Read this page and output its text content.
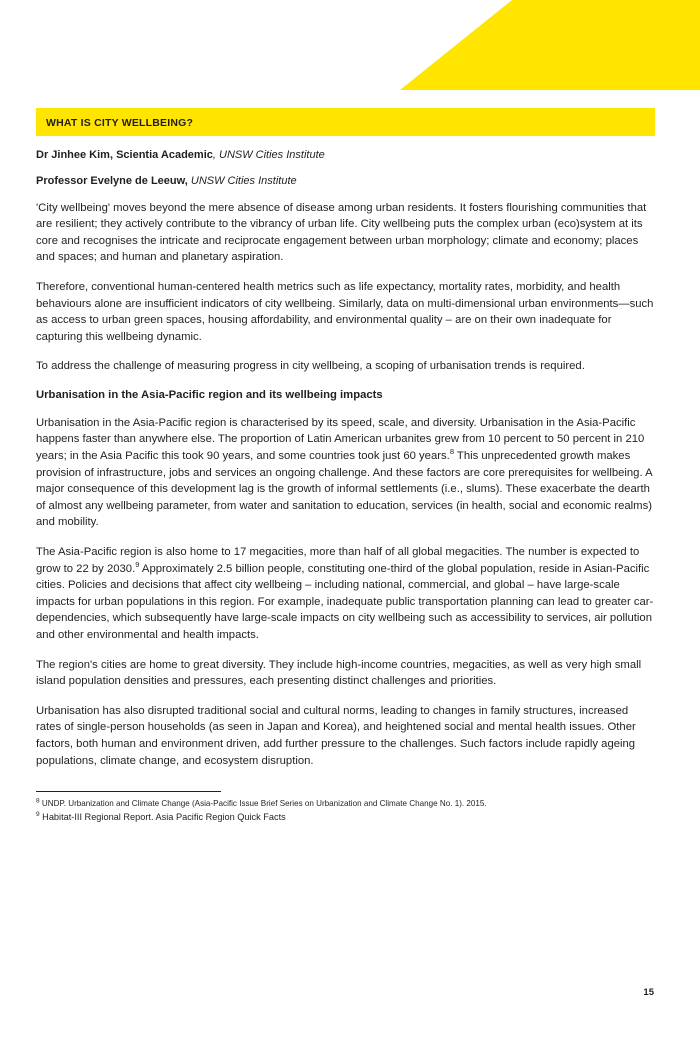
WHAT IS CITY WELLBEING?

Dr Jinhee Kim, Scientia Academic, UNSW Cities Institute

Professor Evelyne de Leeuw, UNSW Cities Institute

'City wellbeing' moves beyond the mere absence of disease among urban residents. It fosters flourishing communities that are resilient; they actively contribute to the vibrancy of urban life. City wellbeing puts the complex urban (eco)system at its core and recognises the intricate and reciprocate engagement between urban morphology; climate and economy; places and spaces; and human and planetary aspiration.

Therefore, conventional human-centered health metrics such as life expectancy, mortality rates, morbidity, and health behaviours alone are insufficient indicators of city wellbeing. Similarly, data on multi-dimensional urban environments—such as access to urban green spaces, housing affordability, and environmental quality – are on their own inadequate for capturing this wellbeing dynamic.

To address the challenge of measuring progress in city wellbeing, a scoping of urbanisation trends is required.

Urbanisation in the Asia-Pacific region and its wellbeing impacts

Urbanisation in the Asia-Pacific region is characterised by its speed, scale, and diversity. Urbanisation in the Asia-Pacific happens faster than anywhere else. The proportion of Latin American urbanites grew from 10 percent to 50 percent in 210 years; in the Asia Pacific this took 90 years, and some countries took just 60 years.$^8$ This unprecedented growth makes provision of infrastructure, jobs and services an ongoing challenge. And these factors are core prerequisites for wellbeing. A major consequence of this development lag is the growth of informal settlements (i.e., slums). These exacerbate the dearth of almost any wellbeing parameter, from water and sanitation to education, services (in health, social and economic realms) and mobility.

The Asia-Pacific region is also home to 17 megacities, more than half of all global megacities. The number is expected to grow to 22 by 2030.$^9$ Approximately 2.5 billion people, constituting one-third of the global population, reside in Asian-Pacific cities. Policies and decisions that affect city wellbeing – including national, commercial, and global – have large-scale impacts for urban populations in this region. For example, inadequate public transportation planning can lead to greater car-dependencies, which subsequently have large-scale impacts on city wellbeing such as accessibility to services, air pollution and other environmental and health impacts.

The region's cities are home to great diversity. They include high-income countries, megacities, as well as very high small island population densities and pressures, each presenting distinct challenges and priorities.

Urbanisation has also disrupted traditional social and cultural norms, leading to changes in family structures, increased rates of single-person households (as seen in Japan and Korea), and heightened social and mental health issues. Other factors, both human and environment driven, add further pressure to the challenges. Such factors include rapidly ageing populations, climate change, and ecosystem disruption.

$^8$ UNDP. Urbanization and Climate Change (Asia-Pacific Issue Brief Series on Urbanization and Climate Change No. 1). 2015.

$^9$ Habitat-III Regional Report. Asia Pacific Region Quick Facts

15
